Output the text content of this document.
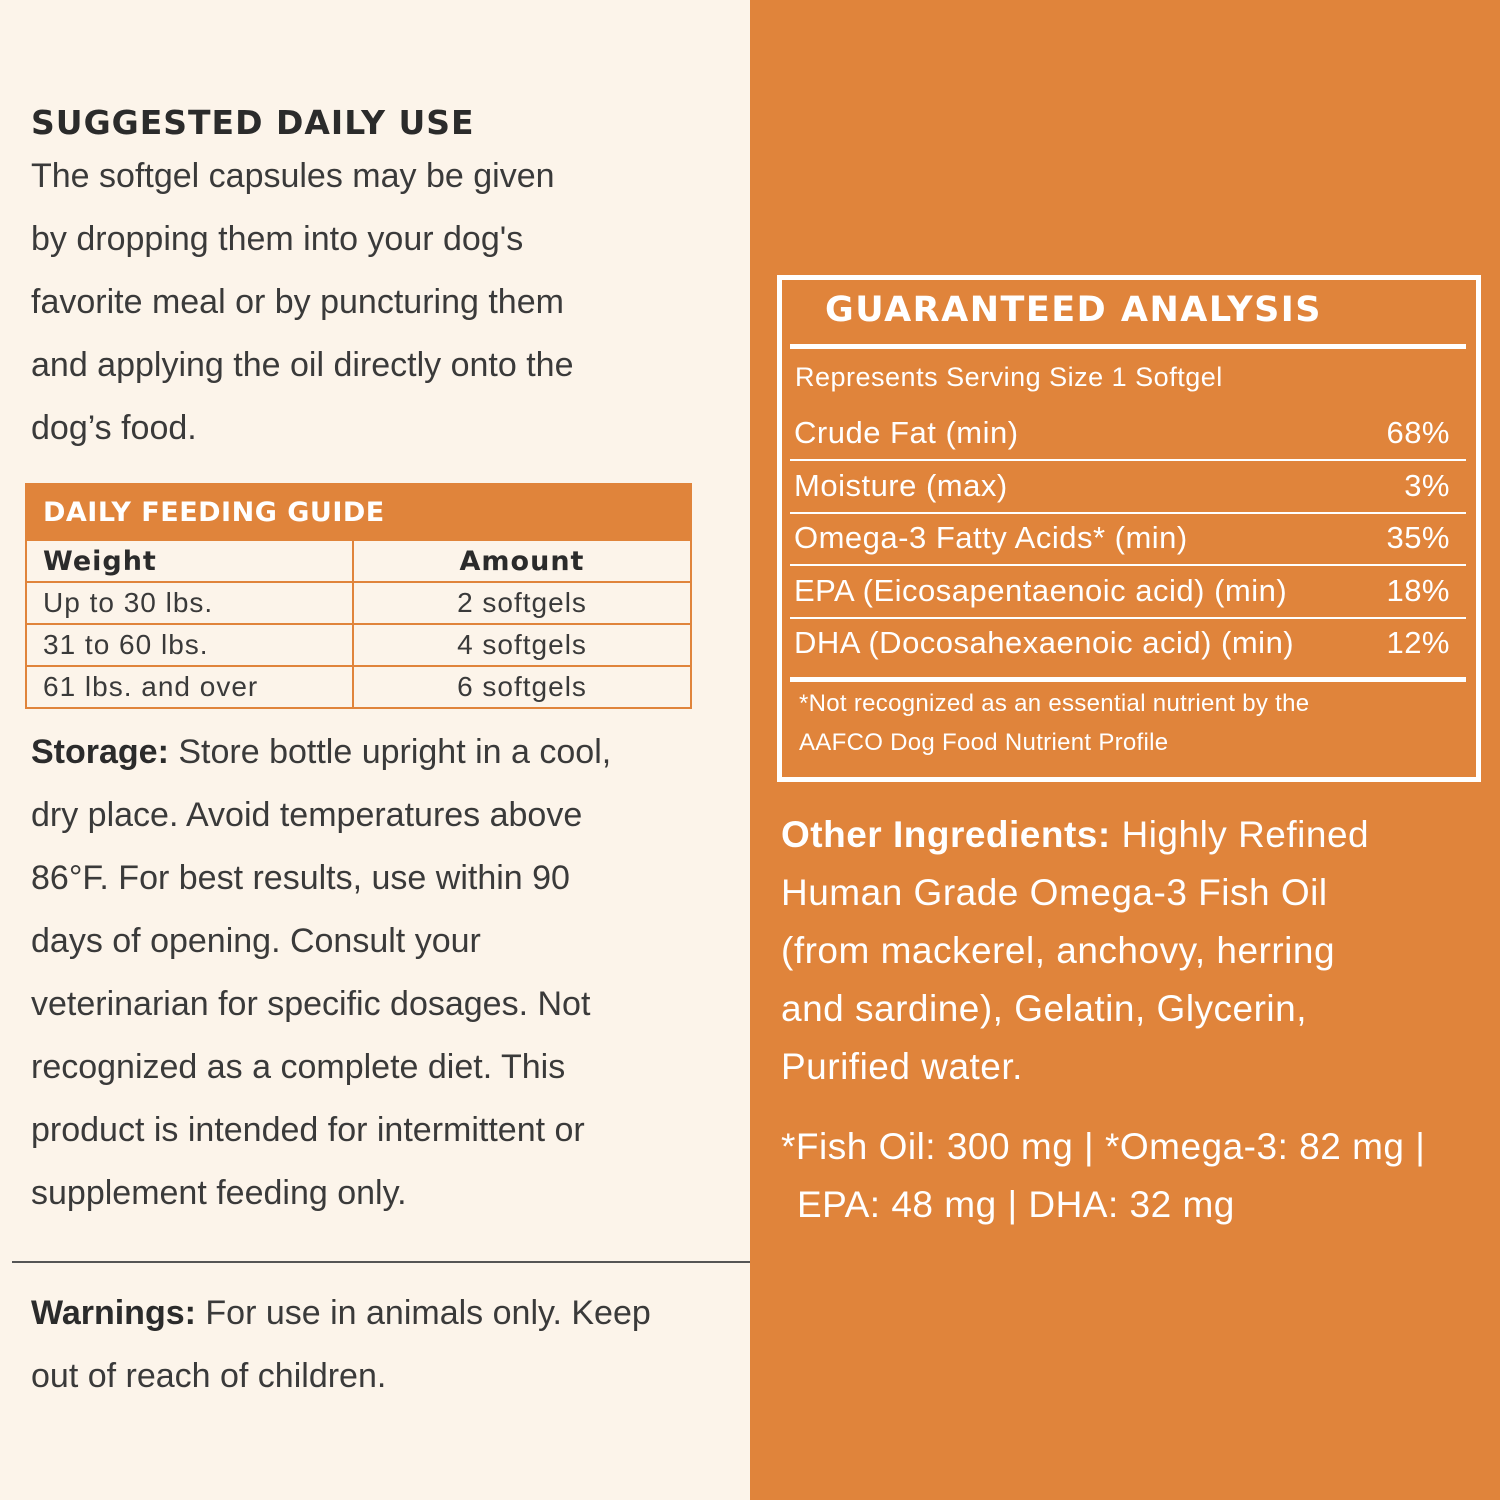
SUGGESTED DAILY USE
The softgel capsules may be given
by dropping them into your dog's
favorite meal or by puncturing them
and applying the oil directly onto the
dog’s food.
DAILY FEEDING GUIDE
Weight	Amount
Up to 30 lbs.	2 softgels
31 to 60 lbs.	4 softgels
61 lbs. and over	6 softgels
Storage: Store bottle upright in a cool,
dry place. Avoid temperatures above
86°F. For best results, use within 90
days of opening. Consult your
veterinarian for specific dosages. Not
recognized as a complete diet. This
product is intended for intermittent or
supplement feeding only.
Warnings: For use in animals only. Keep
out of reach of children.
GUARANTEED ANALYSIS
Represents Serving Size 1 Softgel
Crude Fat (min)	68%
Moisture (max)	3%
Omega-3 Fatty Acids* (min)	35%
EPA (Eicosapentaenoic acid) (min)	18%
DHA (Docosahexaenoic acid) (min)	12%
*Not recognized as an essential nutrient by the
AAFCO Dog Food Nutrient Profile
Other Ingredients: Highly Refined
Human Grade Omega-3 Fish Oil
(from mackerel, anchovy, herring
and sardine), Gelatin, Glycerin,
Purified water.
*Fish Oil: 300 mg | *Omega-3: 82 mg |
EPA: 48 mg | DHA: 32 mg
